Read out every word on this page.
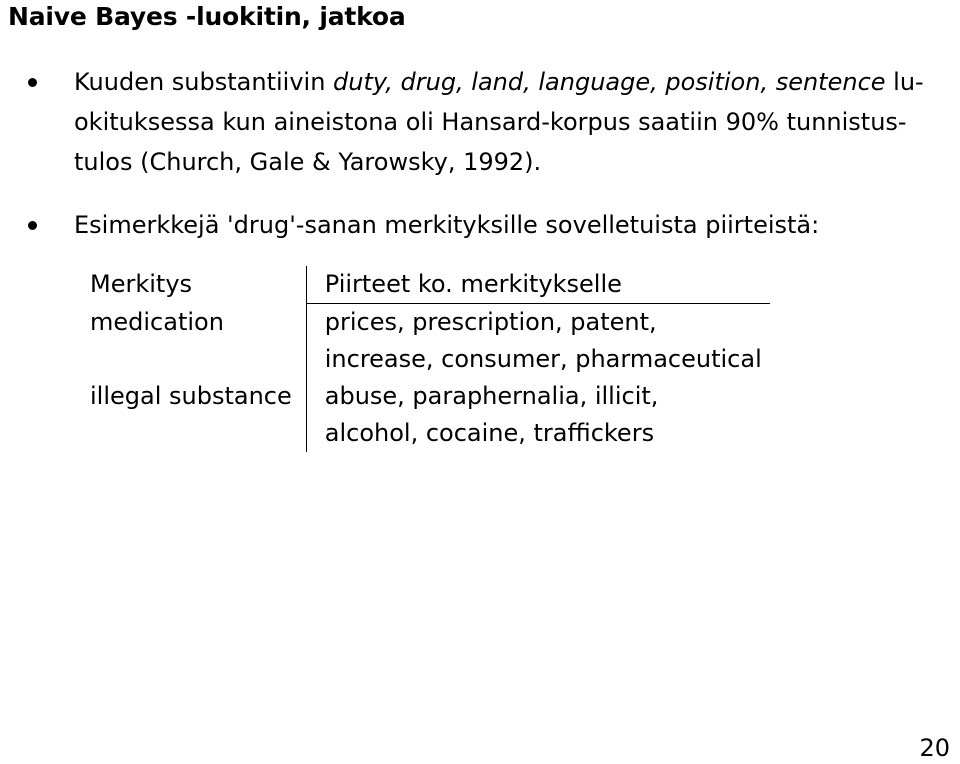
Naive Bayes -luokitin, jatkoa
Kuuden substantiivin duty, drug, land, language, position, sentence lu-
okituksessa kun aineistona oli Hansard-korpus saatiin 90% tunnistus-
tulos (Church, Gale & Yarowsky, 1992).
Esimerkkejä 'drug'-sanan merkityksille sovelletuista piirteistä:
Merkitys	Piirteet ko. merkitykselle
medication	prices, prescription, patent,
	increase, consumer, pharmaceutical
illegal substance	abuse, paraphernalia, illicit,
	alcohol, cocaine, traffickers
20
